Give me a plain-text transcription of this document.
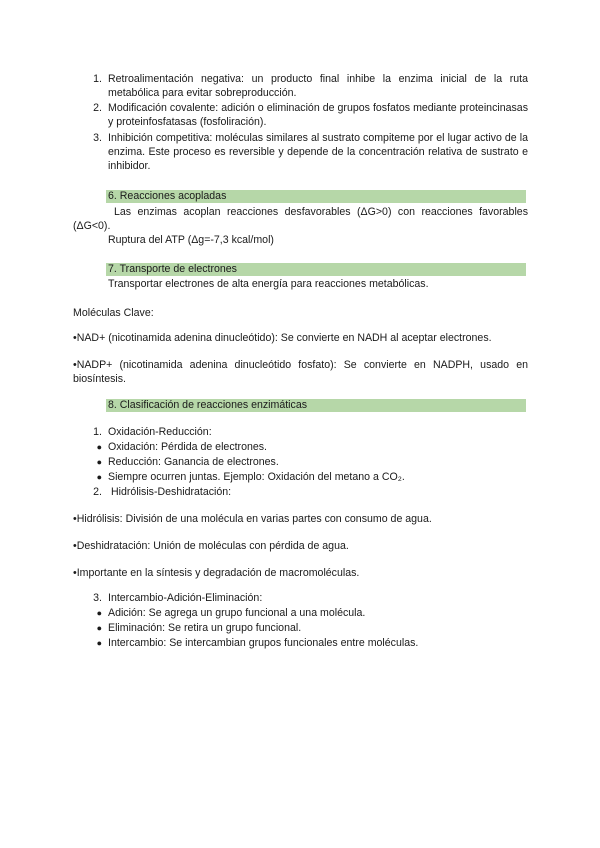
1. Retroalimentación negativa: un producto final inhibe la enzima inicial de la ruta metabólica para evitar sobreproducción.
2. Modificación covalente: adición o eliminación de grupos fosfatos mediante proteincinasas y proteinfosfatasas (fosfoliración).
3. Inhibición competitiva: moléculas similares al sustrato compiteme por el lugar activo de la enzima. Este proceso es reversible y depende de la concentración relativa de sustrato e inhibidor.
6. Reacciones acopladas
Las enzimas acoplan reacciones desfavorables (ΔG>0) con reacciones favorables (ΔG<0).
Ruptura del ATP (Δg=-7,3 kcal/mol)
7. Transporte de electrones
Transportar electrones de alta energía para reacciones metabólicas.
Moléculas Clave:
•NAD+ (nicotinamida adenina dinucleótido): Se convierte en NADH al aceptar electrones.
•NADP+ (nicotinamida adenina dinucleótido fosfato): Se convierte en NADPH, usado en biosíntesis.
8. Clasificación de reacciones enzimáticas
1. Oxidación-Reducción:
● Oxidación: Pérdida de electrones.
● Reducción: Ganancia de electrones.
● Siempre ocurren juntas. Ejemplo: Oxidación del metano a CO₂.
2. Hidrólisis-Deshidratación:
•Hidrólisis: División de una molécula en varias partes con consumo de agua.
•Deshidratación: Unión de moléculas con pérdida de agua.
•Importante en la síntesis y degradación de macromoléculas.
3. Intercambio-Adición-Eliminación:
● Adición: Se agrega un grupo funcional a una molécula.
● Eliminación: Se retira un grupo funcional.
● Intercambio: Se intercambian grupos funcionales entre moléculas.
